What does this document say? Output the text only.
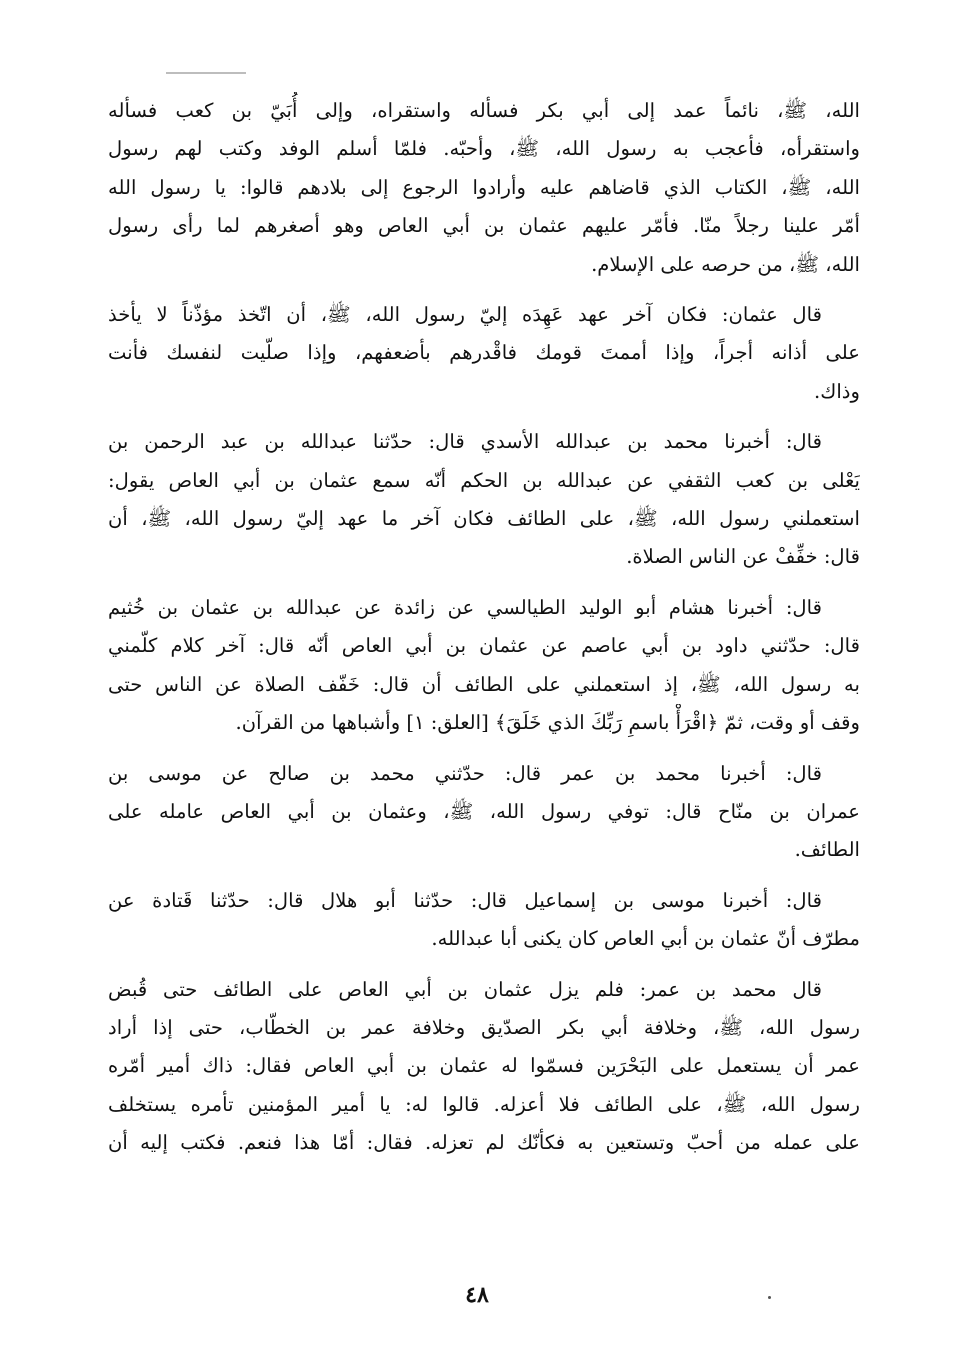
الله، ﷺ، نائماً عمد إلى أبي بكر فسأله واستقراه، وإلى أُبَيّ بن كعب فسأله
واستقرأه، فأعجب به رسول الله، ﷺ، وأحبّه. فلمّا أسلم الوفد وكتب لهم رسول
الله، ﷺ، الكتاب الذي قاضاهم عليه وأرادوا الرجوع إلى بلادهم قالوا: يا رسول الله
أمّر علينا رجلاً منّا. فأمّر عليهم عثمان بن أبي العاص وهو أصغرهم لما رأى رسول
الله، ﷺ، من حرصه على الإسلام.

قال عثمان: فكان آخر عهد عَهِدَه إليّ رسول الله، ﷺ، أن اتّخذ مؤذّناً لا يأخذ
على أذانه أجراً، وإذا أممتَ قومك فاقْدرهم بأضعفهم، وإذا صلّيت لنفسك فأنت
وذاك.

قال: أخبرنا محمد بن عبدالله الأسدي قال: حدّثنا عبدالله بن عبد الرحمن بن
يَعْلى بن كعب الثقفي عن عبدالله بن الحكم أنّه سمع عثمان بن أبي العاص يقول:
استعملني رسول الله، ﷺ، على الطائف فكان آخر ما عهد إليّ رسول الله، ﷺ، أن
قال: خفِّفْ عن الناس الصلاة.

قال: أخبرنا هشام أبو الوليد الطيالسي عن زائدة عن عبدالله بن عثمان بن خُثيم
قال: حدّثني داود بن أبي عاصم عن عثمان بن أبي العاص أنّه قال: آخر كلام كلّمني
به رسول الله، ﷺ، إذ استعملني على الطائف أن قال: خَفّف الصلاة عن الناس حتى
وقف أو وقت، ثمّ ﴿اقْرَأْ باسمِ رَبِّكَ الذي خَلَقَ﴾ [العلق: ١] وأشباهها من القرآن.

قال: أخبرنا محمد بن عمر قال: حدّثني محمد بن صالح عن موسى بن
عمران بن منّاح قال: توفي رسول الله، ﷺ، وعثمان بن أبي العاص عامله على
الطائف.

قال: أخبرنا موسى بن إسماعيل قال: حدّثنا أبو هلال قال: حدّثنا قَتادة عن
مطرّف أنّ عثمان بن أبي العاص كان يكنى أبا عبدالله.

قال محمد بن عمر: فلم يزل عثمان بن أبي العاص على الطائف حتى قُبض
رسول الله، ﷺ، وخلافة أبي بكر الصدّيق وخلافة عمر بن الخطّاب، حتى إذا أراد
عمر أن يستعمل على البَحْرَين فسمّوا له عثمان بن أبي العاص فقال: ذاك أمير أمّره
رسول الله، ﷺ، على الطائف فلا أعزله. قالوا له: يا أمير المؤمنين تأمره يستخلف
على عمله من أحبّ وتستعين به فكأنّك لم تعزله. فقال: أمّا هذا فنعم. فكتب إليه أن

٤٨
